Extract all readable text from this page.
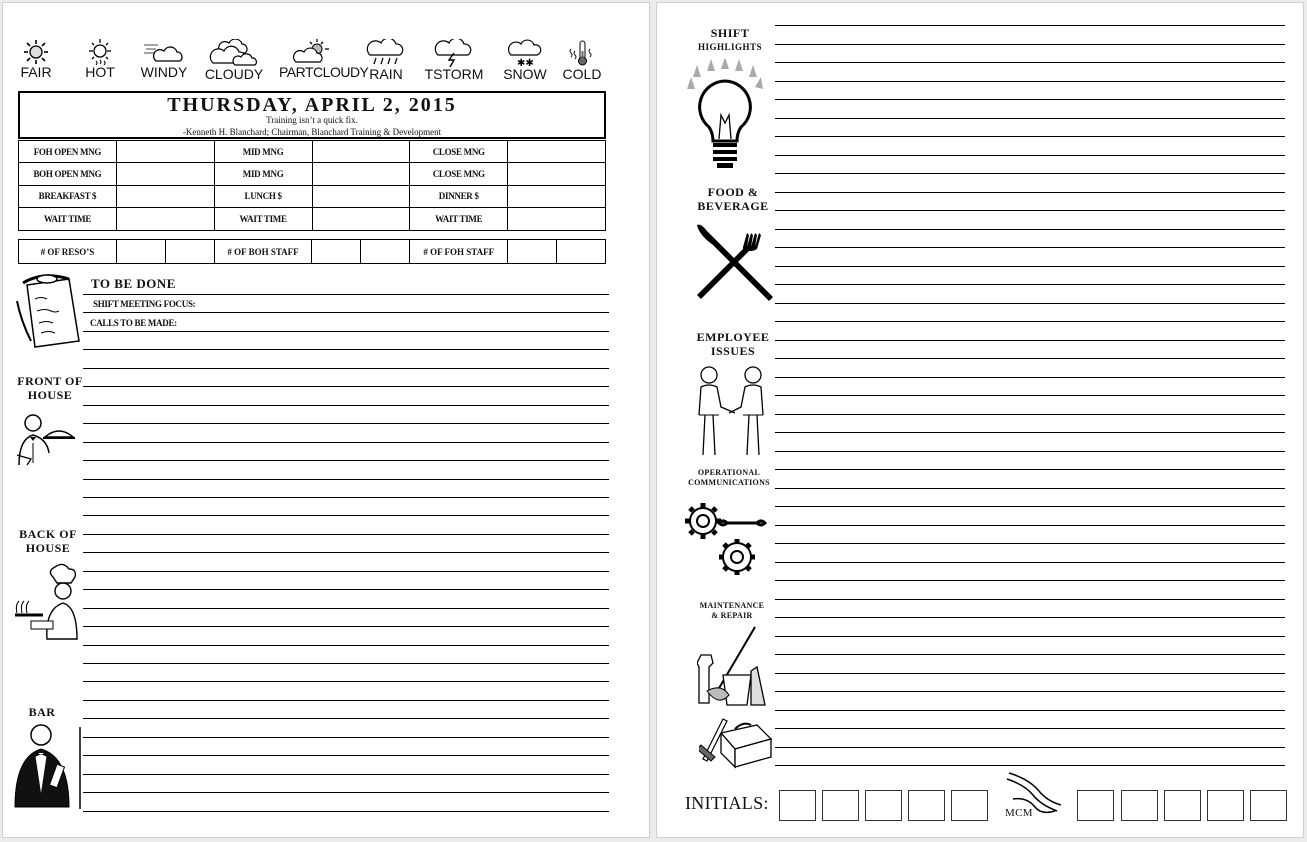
FAIR	HOT	WINDY	CLOUDY PARTCLOUDY RAIN	TSTORM
✱✱
SNOW	COLD
THURSDAY, APRIL 2, 2015
Training isn’t a quick fix.
-Kenneth H. Blanchard; Chairman, Blanchard Training & Development
FOH OPEN MNG		MID MNG		CLOSE MNG	
BOH OPEN MNG		MID MNG		CLOSE MNG	
BREAKFAST $		LUNCH $		DINNER $	
WAIT TIME		WAIT TIME		WAIT TIME	
# OF RESO’S			# OF BOH STAFF			# OF FOH STAFF		
TO BE DONE
SHIFT MEETING FOCUS:
CALLS TO BE MADE:
FRONT OF
HOUSE
BACK OF
HOUSE
BAR
SHIFT
HIGHLIGHTS
FOOD &
BEVERAGE
EMPLOYEE
ISSUES
OPERATIONAL
COMMUNICATIONS
MAINTENANCE
& REPAIR
INITIALS:	MCM
